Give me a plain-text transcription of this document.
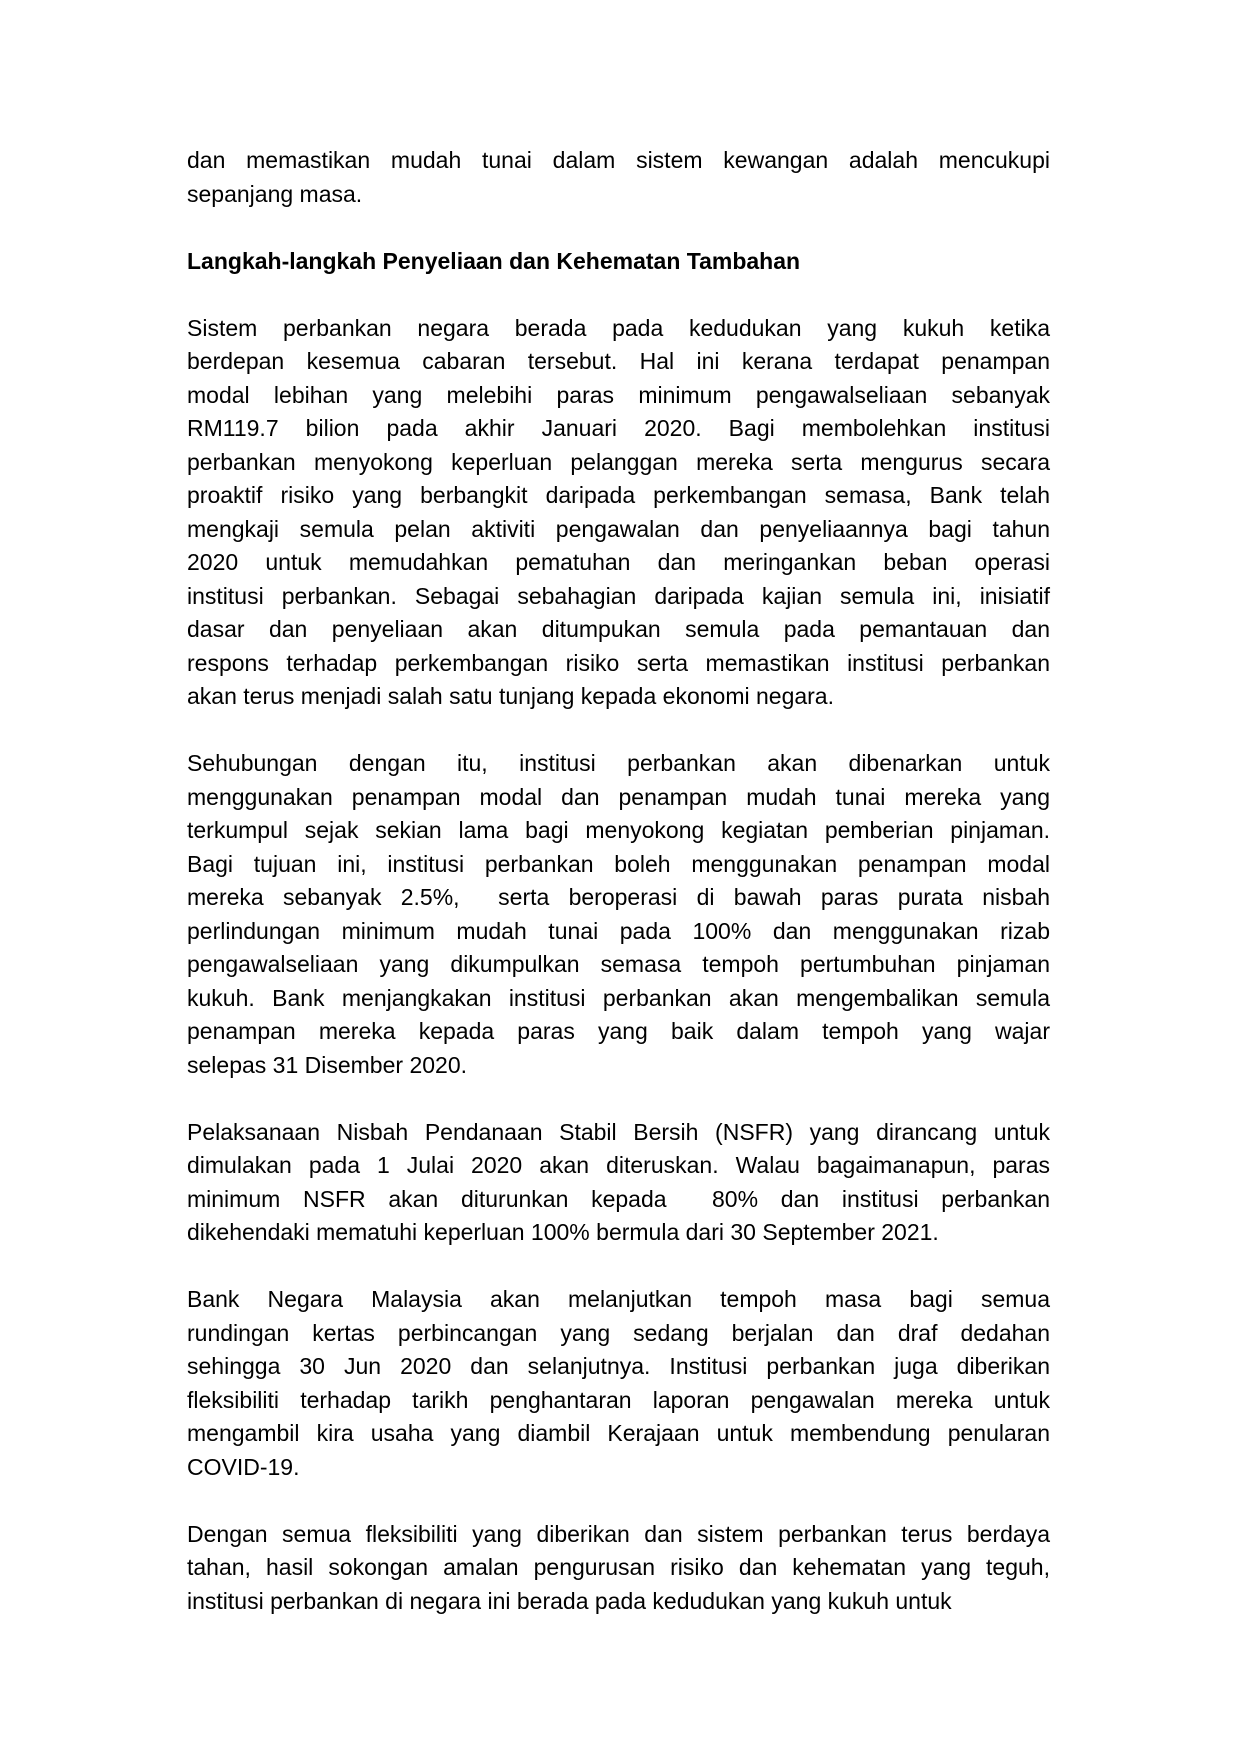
dan memastikan mudah tunai dalam sistem kewangan adalah mencukupi
sepanjang masa.
Langkah-langkah Penyeliaan dan Kehematan Tambahan
Sistem perbankan negara berada pada kedudukan yang kukuh ketika
berdepan kesemua cabaran tersebut. Hal ini kerana terdapat penampan
modal lebihan yang melebihi paras minimum pengawalseliaan sebanyak
RM119.7 bilion pada akhir Januari 2020. Bagi membolehkan institusi
perbankan menyokong keperluan pelanggan mereka serta mengurus secara
proaktif risiko yang berbangkit daripada perkembangan semasa, Bank telah
mengkaji semula pelan aktiviti pengawalan dan penyeliaannya bagi tahun
2020 untuk memudahkan pematuhan dan meringankan beban operasi
institusi perbankan. Sebagai sebahagian daripada kajian semula ini, inisiatif
dasar dan penyeliaan akan ditumpukan semula pada pemantauan dan
respons terhadap perkembangan risiko serta memastikan institusi perbankan
akan terus menjadi salah satu tunjang kepada ekonomi negara.
Sehubungan dengan itu, institusi perbankan akan dibenarkan untuk
menggunakan penampan modal dan penampan mudah tunai mereka yang
terkumpul sejak sekian lama bagi menyokong kegiatan pemberian pinjaman.
Bagi tujuan ini, institusi perbankan boleh menggunakan penampan modal
mereka sebanyak 2.5%,  serta beroperasi di bawah paras purata nisbah
perlindungan minimum mudah tunai pada 100% dan menggunakan rizab
pengawalseliaan yang dikumpulkan semasa tempoh pertumbuhan pinjaman
kukuh. Bank menjangkakan institusi perbankan akan mengembalikan semula
penampan mereka kepada paras yang baik dalam tempoh yang wajar
selepas 31 Disember 2020.
Pelaksanaan Nisbah Pendanaan Stabil Bersih (NSFR) yang dirancang untuk
dimulakan pada 1 Julai 2020 akan diteruskan. Walau bagaimanapun, paras
minimum NSFR akan diturunkan kepada  80% dan institusi perbankan
dikehendaki mematuhi keperluan 100% bermula dari 30 September 2021.
Bank Negara Malaysia akan melanjutkan tempoh masa bagi semua
rundingan kertas perbincangan yang sedang berjalan dan draf dedahan
sehingga 30 Jun 2020 dan selanjutnya. Institusi perbankan juga diberikan
fleksibiliti terhadap tarikh penghantaran laporan pengawalan mereka untuk
mengambil kira usaha yang diambil Kerajaan untuk membendung penularan
COVID-19.
Dengan semua fleksibiliti yang diberikan dan sistem perbankan terus berdaya
tahan, hasil sokongan amalan pengurusan risiko dan kehematan yang teguh,
institusi perbankan di negara ini berada pada kedudukan yang kukuh untuk
